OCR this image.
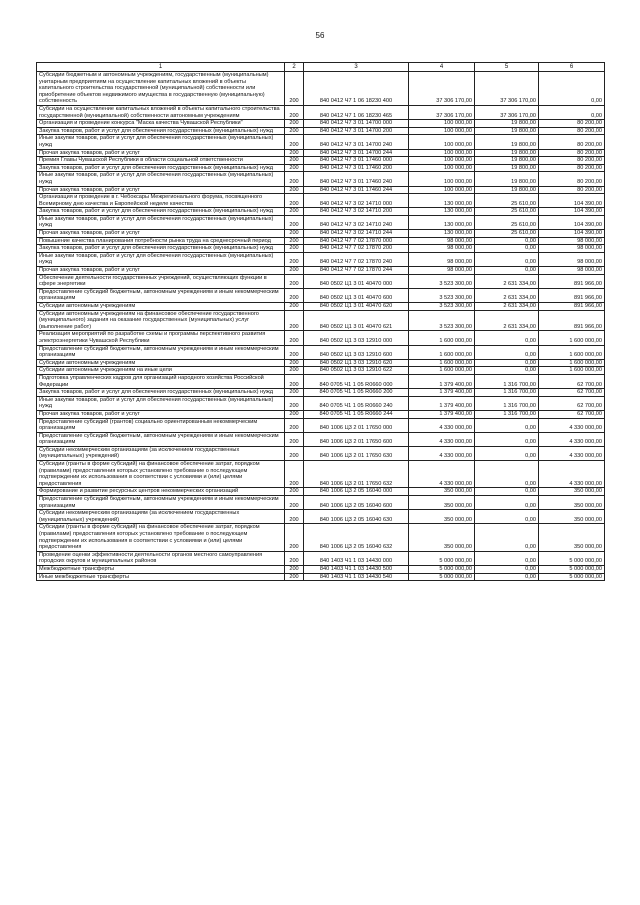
56
1	2	3	4	5	6
Субсидии бюджетным и автономным учреждениям, государственным (муниципальным) унитарным предприятиям на осуществление капитальных вложений в объекты капитального строительства государственной (муниципальной) собственности или приобретение объектов недвижимого имущества в государственную (муниципальную) собственность	200	840 0412 Ч7 1 06 18230 400	37 306 170,00	37 306 170,00	0,00
Субсидии на осуществление капитальных вложений в объекты капитального строительства государственной (муниципальной) собственности автономным учреждениям	200	840 0412 Ч7 1 06 18230 465	37 306 170,00	37 306 170,00	0,00
Организация и проведение конкурса "Маска качества Чувашской Республики"	200	840 0412 Ч7 3 01 14700 000	100 000,00	19 800,00	80 200,00
Закупка товаров, работ и услуг для обеспечения государственных (муниципальных) нужд	200	840 0412 Ч7 3 01 14700 200	100 000,00	19 800,00	80 200,00
Иные закупки товаров, работ и услуг для обеспечения государственных (муниципальных) нужд	200	840 0412 Ч7 3 01 14700 240	100 000,00	19 800,00	80 200,00
Прочая закупка товаров, работ и услуг	200	840 0412 Ч7 3 01 14700 244	100 000,00	19 800,00	80 200,00
Премия Главы Чувашской Республики в области социальной ответственности	200	840 0412 Ч7 3 01 17460 000	100 000,00	19 800,00	80 200,00
Закупка товаров, работ и услуг для обеспечения государственных (муниципальных) нужд	200	840 0412 Ч7 3 01 17460 200	100 000,00	19 800,00	80 200,00
Иные закупки товаров, работ и услуг для обеспечения государственных (муниципальных) нужд	200	840 0412 Ч7 3 01 17460 240	100 000,00	19 800,00	80 200,00
Прочая закупка товаров, работ и услуг	200	840 0412 Ч7 3 01 17460 244	100 000,00	19 800,00	80 200,00
Организация и проведение в г. Чебоксары Межрегионального форума, посвященного Всемирному дню качества и Европейской неделе качества	200	840 0412 Ч7 3 02 14710 000	130 000,00	25 610,00	104 390,00
Закупка товаров, работ и услуг для обеспечения государственных (муниципальных) нужд	200	840 0412 Ч7 3 02 14710 200	130 000,00	25 610,00	104 390,00
Иные закупки товаров, работ и услуг для обеспечения государственных (муниципальных) нужд	200	840 0412 Ч7 3 02 14710 240	130 000,00	25 610,00	104 390,00
Прочая закупка товаров, работ и услуг	200	840 0412 Ч7 3 02 14710 244	130 000,00	25 610,00	104 390,00
Повышение качества планирования потребности рынка труда на среднесрочный период	200	840 0412 Ч7 7 02 17870 000	98 000,00	0,00	98 000,00
Закупка товаров, работ и услуг для обеспечения государственных (муниципальных) нужд	200	840 0412 Ч7 7 02 17870 200	98 000,00	0,00	98 000,00
Иные закупки товаров, работ и услуг для обеспечения государственных (муниципальных) нужд	200	840 0412 Ч7 7 02 17870 240	98 000,00	0,00	98 000,00
Прочая закупка товаров, работ и услуг	200	840 0412 Ч7 7 02 17870 244	98 000,00	0,00	98 000,00
Обеспечение деятельности государственных учреждений, осуществляющих функции в сфере энергетики	200	840 0502 Ц1 3 01 40470 000	3 523 300,00	2 631 334,00	891 966,00
Предоставление субсидий бюджетным, автономным учреждениям и иным некоммерческим организациям	200	840 0502 Ц1 3 01 40470 600	3 523 300,00	2 631 334,00	891 966,00
Субсидии автономным учреждениям	200	840 0502 Ц1 3 01 40470 620	3 523 300,00	2 631 334,00	891 966,00
Субсидии автономным учреждениям на финансовое обеспечение государственного (муниципального) задания на оказание государственных (муниципальных) услуг (выполнение работ)	200	840 0502 Ц1 3 01 40470 621	3 523 300,00	2 631 334,00	891 966,00
Реализация мероприятий по разработке схемы и программы перспективного развития электроэнергетики Чувашской Республики	200	840 0502 Ц1 3 03 12910 000	1 600 000,00	0,00	1 600 000,00
Предоставление субсидий бюджетным, автономным учреждениям и иным некоммерческим организациям	200	840 0502 Ц1 3 03 12910 600	1 600 000,00	0,00	1 600 000,00
Субсидии автономным учреждениям	200	840 0502 Ц1 3 03 12910 620	1 600 000,00	0,00	1 600 000,00
Субсидии автономным учреждениям на иные цели	200	840 0502 Ц1 3 03 12910 622	1 600 000,00	0,00	1 600 000,00
Подготовка управленческих кадров для организаций народного хозяйства Российской Федерации	200	840 0705 Ч1 1 05 R0660 000	1 379 400,00	1 316 700,00	62 700,00
Закупка товаров, работ и услуг для обеспечения государственных (муниципальных) нужд	200	840 0705 Ч1 1 05 R0660 200	1 379 400,00	1 316 700,00	62 700,00
Иные закупки товаров, работ и услуг для обеспечения государственных (муниципальных) нужд	200	840 0705 Ч1 1 05 R0660 240	1 379 400,00	1 316 700,00	62 700,00
Прочая закупка товаров, работ и услуг	200	840 0705 Ч1 1 05 R0660 244	1 379 400,00	1 316 700,00	62 700,00
Предоставление субсидий (грантов) социально ориентированным некоммерческим организациям	200	840 1006 Ц3 2 01 17650 000	4 330 000,00	0,00	4 330 000,00
Предоставление субсидий бюджетным, автономным учреждениям и иным некоммерческим организациям	200	840 1006 Ц3 2 01 17650 600	4 330 000,00	0,00	4 330 000,00
Субсидии некоммерческим организациям (за исключением государственных (муниципальных) учреждений)	200	840 1006 Ц3 2 01 17650 630	4 330 000,00	0,00	4 330 000,00
Субсидии (гранты в форме субсидий) на финансовое обеспечение затрат, порядком (правилами) предоставления которых установлено требование о последующем подтверждении их использования в соответствии с условиями и (или) целями предоставления	200	840 1006 Ц3 2 01 17650 632	4 330 000,00	0,00	4 330 000,00
Формирование и развитие ресурсных центров некоммерческих организаций	200	840 1006 Ц3 2 05 16040 000	350 000,00	0,00	350 000,00
Предоставление субсидий бюджетным, автономным учреждениям и иным некоммерческим организациям	200	840 1006 Ц3 2 05 16040 600	350 000,00	0,00	350 000,00
Субсидии некоммерческим организациям (за исключением государственных (муниципальных) учреждений)	200	840 1006 Ц3 2 05 16040 630	350 000,00	0,00	350 000,00
Субсидии (гранты в форме субсидий) на финансовое обеспечение затрат, порядком (правилами) предоставления которых установлено требование о последующем подтверждении их использования в соответствии с условиями и (или) целями предоставления	200	840 1006 Ц3 2 05 16040 632	350 000,00	0,00	350 000,00
Проведение оценки эффективности деятельности органов местного самоуправления городских округов и муниципальных районов	200	840 1403 Ч1 1 03 14430 000	5 000 000,00	0,00	5 000 000,00
Межбюджетные трансферты	200	840 1403 Ч1 1 03 14430 500	5 000 000,00	0,00	5 000 000,00
Иные межбюджетные трансферты	200	840 1403 Ч1 1 03 14430 540	5 000 000,00	0,00	5 000 000,00
